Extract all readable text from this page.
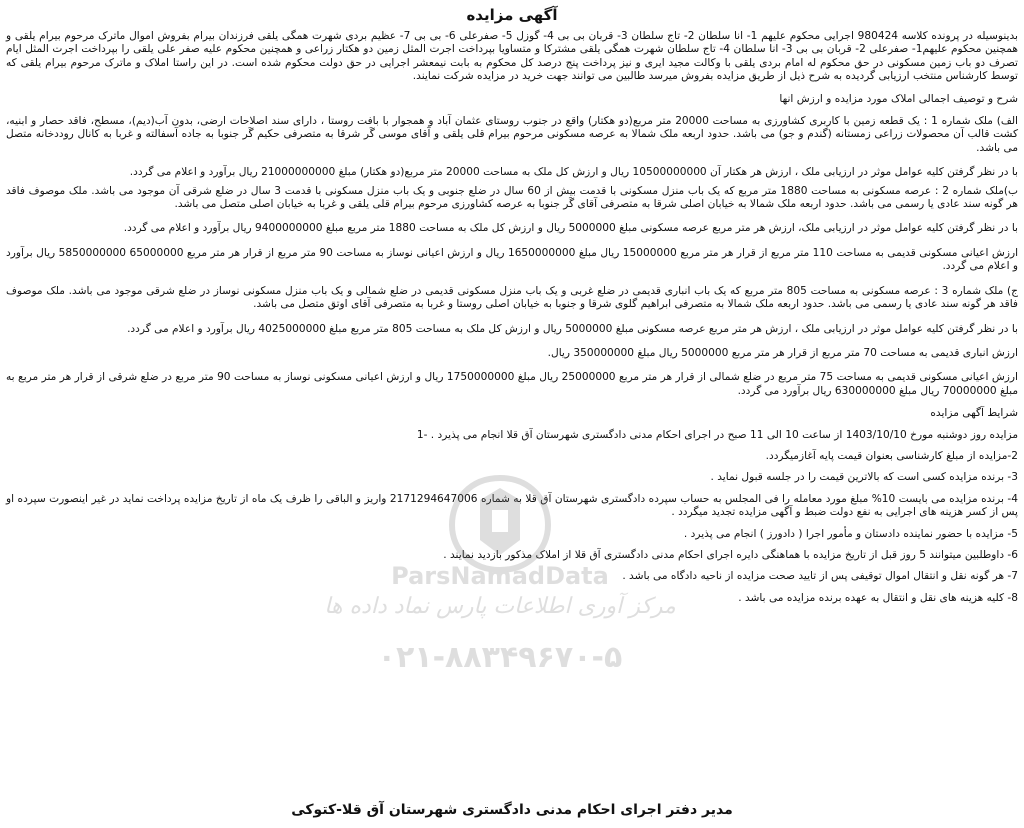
آگهی مزایده

بدینوسیله در پرونده کلاسه 980424 اجرایی محکوم علیهم 1- انا سلطان 2- تاج سلطان 3- قربان بی بی 4- گوزل 5- صفرعلی 6- بی بی 7- عظیم بردی شهرت همگی یلقی فرزندان بیرام بفروش اموال ماترک مرحوم بیرام یلقی و همچنین محکوم علیهم1- صفرعلی 2- قربان بی بی 3- انا سلطان 4- تاج سلطان شهرت همگی یلقی مشترکا و متساویا بپرداخت اجرت المثل زمین دو هکتار زراعی و همچنین محکوم علیه صفر علی یلقی را بپرداخت اجرت المثل ایام تصرف دو باب زمین مسکونی در حق محکوم له امام بردی یلقی با وکالت مجید ایری و نیز پرداخت پنج درصد کل محکوم به بابت نیمعشر اجرایی در حق دولت محکوم شده است. در این راستا املاک و ماترک مرحوم بیرام یلقی که توسط کارشناس منتخب ارزیابی گردیده به شرح ذیل از طریق مزایده بفروش میرسد طالبین می توانند جهت خرید در مزایده شرکت نمایند.

شرح و توصیف اجمالی املاک مورد مزایده و ارزش انها

الف) ملک شماره 1 : یک قطعه زمین با کاربری کشاورزی به مساحت 20000 متر مربع(دو هکتار) واقع در جنوب روستای عثمان آباد و همجوار با بافت روستا ، دارای سند اصلاحات ارضی، بدون آب(دیم)، مسطح، فاقد حصار و ابنیه، کشت قالب آن محصولات زراعی زمستانه (گندم و جو) می باشد. حدود اربعه ملک شمالا به عرصه مسکونی مرحوم بیرام قلی یلقی و آقای موسی گَر شرقا به متصرفی حکیم گَر جنوبا به جاده آسفالته و غربا به کانال روددخانه متصل می باشد.

با در نظر گرفتن کلیه عوامل موثر در ارزیابی ملک ، ارزش هر هکتار آن 10500000000 ریال و ارزش کل ملک به مساحت 20000 متر مربع(دو هکتار) مبلغ 21000000000 ریال برآورد و اعلام می گردد.

ب)ملک شماره 2 : عرصه مسکونی به مساحت 1880 متر مربع که یک باب منزل مسکونی با قدمت بیش از 60 سال در ضلع جنوبی و یک باب منزل مسکونی با قدمت 3 سال در ضلع شرقی آن موجود می باشد. ملک موصوف فاقد هر گونه سند عادی یا رسمی می باشد. حدود اربعه ملک شمالا به خیابان اصلی شرقا به متصرفی آقای گَر جنوبا به عرصه کشاورزی مرحوم بیرام قلی یلقی و غربا به خیابان اصلی متصل می باشد.

با در نظر گرفتن کلیه عوامل موثر در ارزیابی ملک، ارزش هر متر مربع عرصه مسکونی مبلغ 5000000 ریال و ارزش کل ملک به مساحت 1880 متر مربع مبلغ 9400000000 ریال برآورد و اعلام می گردد.

ارزش اعیانی مسکونی قدیمی به مساحت 110 متر مربع از قرار هر متر مربع 15000000 ریال مبلغ 1650000000 ریال و ارزش اعیانی نوساز به مساحت 90 متر مربع از قرار هر متر مربع 65000000 5850000000 ریال برآورد و اعلام می گردد.

ج) ملک شماره 3 : عرصه مسکونی به مساحت 805 متر مربع که یک باب انباری قدیمی در ضلع غربی و یک باب منزل مسکونی قدیمی در ضلع شمالی و یک باب منزل مسکونی نوساز در ضلع شرقی موجود می باشد. ملک موصوف فاقد هر گونه سند عادی یا رسمی می باشد. حدود اربعه ملک شمالا به متصرفی ابراهیم گلوی شرقا و جنوبا به خیابان اصلی روستا و غربا به متصرفی آقای اوتق متصل می باشد.

با در نظر گرفتن کلیه عوامل موثر در ارزیابی ملک ، ارزش هر متر مربع عرصه مسکونی مبلغ 5000000 ریال و ارزش کل ملک به مساحت 805 متر مربع مبلغ 4025000000 ریال برآورد و اعلام می گردد.

ارزش انباری قدیمی به مساحت 70 متر مربع از قرار هر متر مربع 5000000 ریال مبلغ 350000000 ریال.

ارزش اعیانی مسکونی قدیمی به مساحت 75 متر مربع در ضلع شمالی از قرار هر متر مربع 25000000 ریال مبلغ 1750000000 ریال و ارزش اعیانی مسکونی نوساز به مساحت 90 متر مربع در ضلع شرقی از قرار هر متر مربع به مبلغ 70000000 ریال مبلغ 630000000 ریال برآورد می گردد.

شرایط آگهی مزایده

مزایده روز دوشنبه مورخ 1403/10/10 از ساعت 10 الی 11 صبح در اجرای احکام مدنی دادگستری شهرستان آق قلا انجام می پذیرد . -1

2-مزایده از مبلغ کارشناسی بعنوان قیمت پایه آغازمیگردد.

3- برنده مزایده کسی است که بالاترین قیمت را در جلسه قبول نماید .

4- برنده مزایده می بایست 10% مبلغ مورد معامله را فی المجلس به حساب سپرده دادگستری شهرستان آق قلا به شماره 2171294647006 واریز و الباقی را ظرف یک ماه از تاریخ مزایده پرداخت نماید در غیر اینصورت سپرده او پس از کسر هزینه های اجرایی به نفع دولت ضبط و آگهی مزایده تجدید میگردد .

5- مزایده با حضور نماینده دادستان و مأمور اجرا ( دادورز ) انجام می پذیرد .

6- داوطلبین میتوانند 5 روز قبل از تاریخ مزایده با هماهنگی دایره اجرای احکام مدنی دادگستری آق قلا از املاک مذکور بازدید نمایند .

7- هر گونه نقل و انتقال اموال توقیفی پس از تایید صحت مزایده از ناحیه دادگاه می باشد .

8- کلیه هزینه های نقل و انتقال به عهده برنده مزایده می باشد .

ParsNamadData
مرکز آوری اطلاعات پارس نماد داده ها
۰۲۱-۸۸۳۴۹۶۷۰-۵
مدیر دفتر اجرای احکام مدنی دادگستری شهرستان آق قلا-کتوکی
